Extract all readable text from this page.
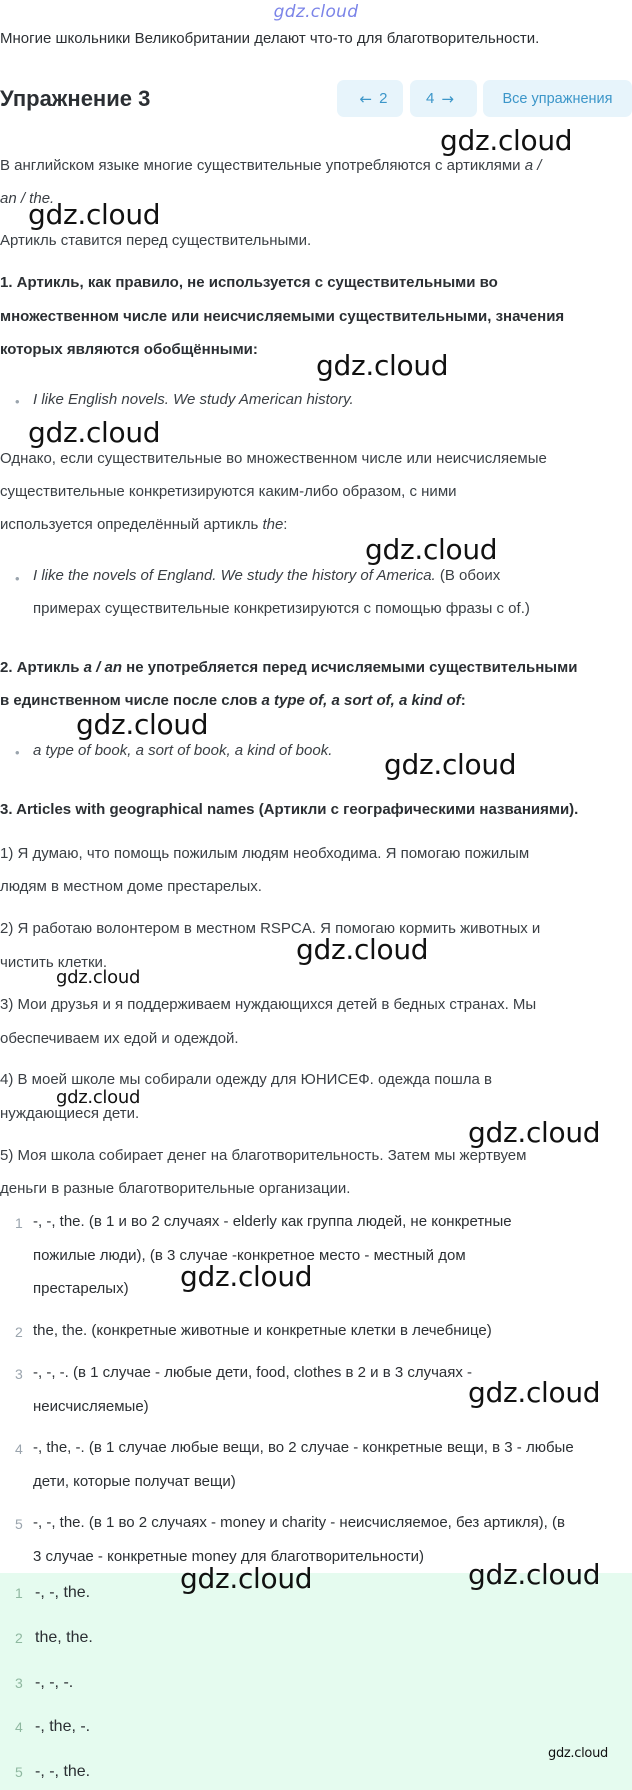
gdz.cloud
Многие школьники Великобритании делают что-то для благотворительности.
Упражнение 3	← 2	4 →	Все упражнения
В английском языке многие существительные употребляются с артиклями a /
an / the.
Артикль ставится перед существительными.
1. Артикль, как правило, не используется с существительными во
множественном числе или неисчисляемыми существительными, значения
которых являются обобщёнными:
• I like English novels. We study American history.
Однако, если существительные во множественном числе или неисчисляемые
существительные конкретизируются каким-либо образом, с ними
используется определённый артикль the:
• I like the novels of England. We study the history of America. (В обоих
примерах существительные конкретизируются с помощью фразы с of.)
2. Артикль a / an не употребляется перед исчисляемыми существительными
в единственном числе после слов a type of, a sort of, a kind of:
• a type of book, a sort of book, a kind of book.
3. Articles with geographical names (Артикли с географическими названиями).
1) Я думаю, что помощь пожилым людям необходима. Я помогаю пожилым
людям в местном доме престарелых.
2) Я работаю волонтером в местном RSPCA. Я помогаю кормить животных и
чистить клетки.
3) Мои друзья и я поддерживаем нуждающихся детей в бедных странах. Мы
обеспечиваем их едой и одеждой.
4) В моей школе мы собирали одежду для ЮНИСЕФ. одежда пошла в
нуждающиеся дети.
5) Моя школа собирает денег на благотворительность. Затем мы жертвуем
деньги в разные благотворительные организации.
1 -, -, the. (в 1 и во 2 случаях - elderly как группа людей, не конкретные
пожилые люди), (в 3 случае -конкретное место - местный дом
престарелых)
2 the, the. (конкретные животные и конкретные клетки в лечебнице)
3 -, -, -. (в 1 случае - любые дети, food, clothes в 2 и в 3 случаях -
неисчисляемые)
4 -, the, -. (в 1 случае любые вещи, во 2 случае - конкретные вещи, в 3 - любые
дети, которые получат вещи)
5 -, -, the. (в 1 во 2 случаях - money и charity - неисчисляемое, без артикля), (в
3 случае - конкретные money для благотворительности)
1 -, -, the.
2 the, the.
3 -, -, -.
4 -, the, -.
5 -, -, the.
gdz.cloud
gdz.cloud
gdz.cloud
gdz.cloud
gdz.cloud
gdz.cloud
gdz.cloud
gdz.cloud
gdz.cloud
gdz.cloud
gdz.cloud
gdz.cloud
gdz.cloud
gdz.cloud	gdz.cloud
gdz.cloud
